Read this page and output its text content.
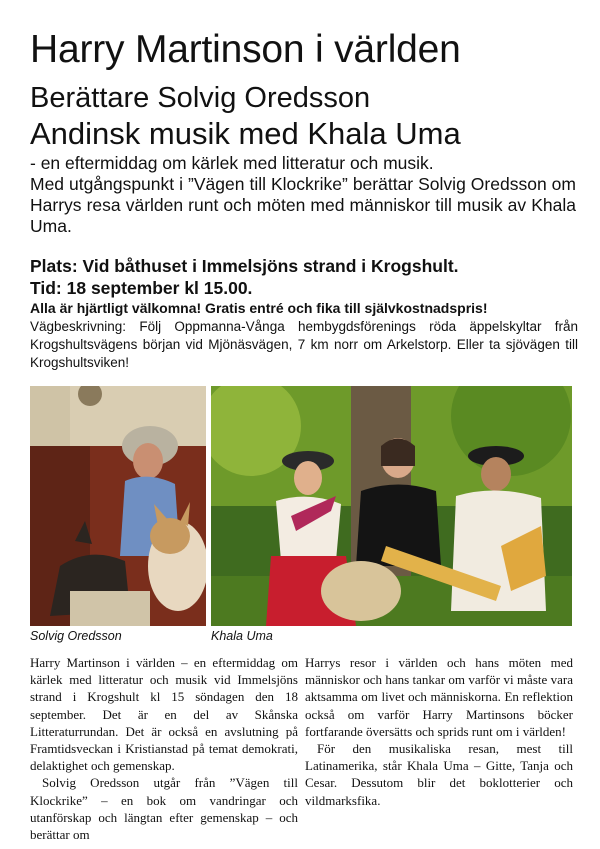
Harry Martinson i världen
Berättare Solvig Oredsson
Andinsk musik med Khala Uma

- en eftermiddag om kärlek med litteratur och musik.

Med utgångspunkt i ”Vägen till Klockrike” berättar Solvig Oredsson om Harrys resa världen runt och möten med människor till musik av Khala Uma.

Plats: Vid båthuset i Immelsjöns strand i Krogshult.
Tid: 18 september kl 15.00.
Alla är hjärtligt välkomna! Gratis entré och fika till självkostnadspris!
Vägbeskrivning: Följ Oppmanna-Vånga hembygdsförenings röda äppelskyltar från Krogshultsvägens början vid Mjönäsvägen, 7 km norr om Arkelstorp. Eller ta sjövägen till Krogshultsviken!
Solvig Oredsson	Khala Uma

Harry Martinson i världen – en eftermiddag om kärlek med litteratur och musik vid Immelsjöns strand i Krogshult kl 15 söndagen den 18 september. Det är en del av Skånska Litteraturrundan. Det är också en avslutning på Framtidsveckan i Kristianstad på temat demokrati, delaktighet och gemenskap.

Solvig Oredsson utgår från ”Vägen till Klockrike” – en bok om vandringar och utanförskap och längtan efter gemenskap – och berättar om

Harrys resor i världen och hans möten med människor och hans tankar om varför vi måste vara aktsamma om livet och människorna. En reflektion också om varför Harry Martinsons böcker fortfarande översätts och sprids runt om i världen!

För den musikaliska resan, mest till Latinamerika, står Khala Uma – Gitte, Tanja och Cesar. Dessutom blir det boklotterier och vildmarksfika.
